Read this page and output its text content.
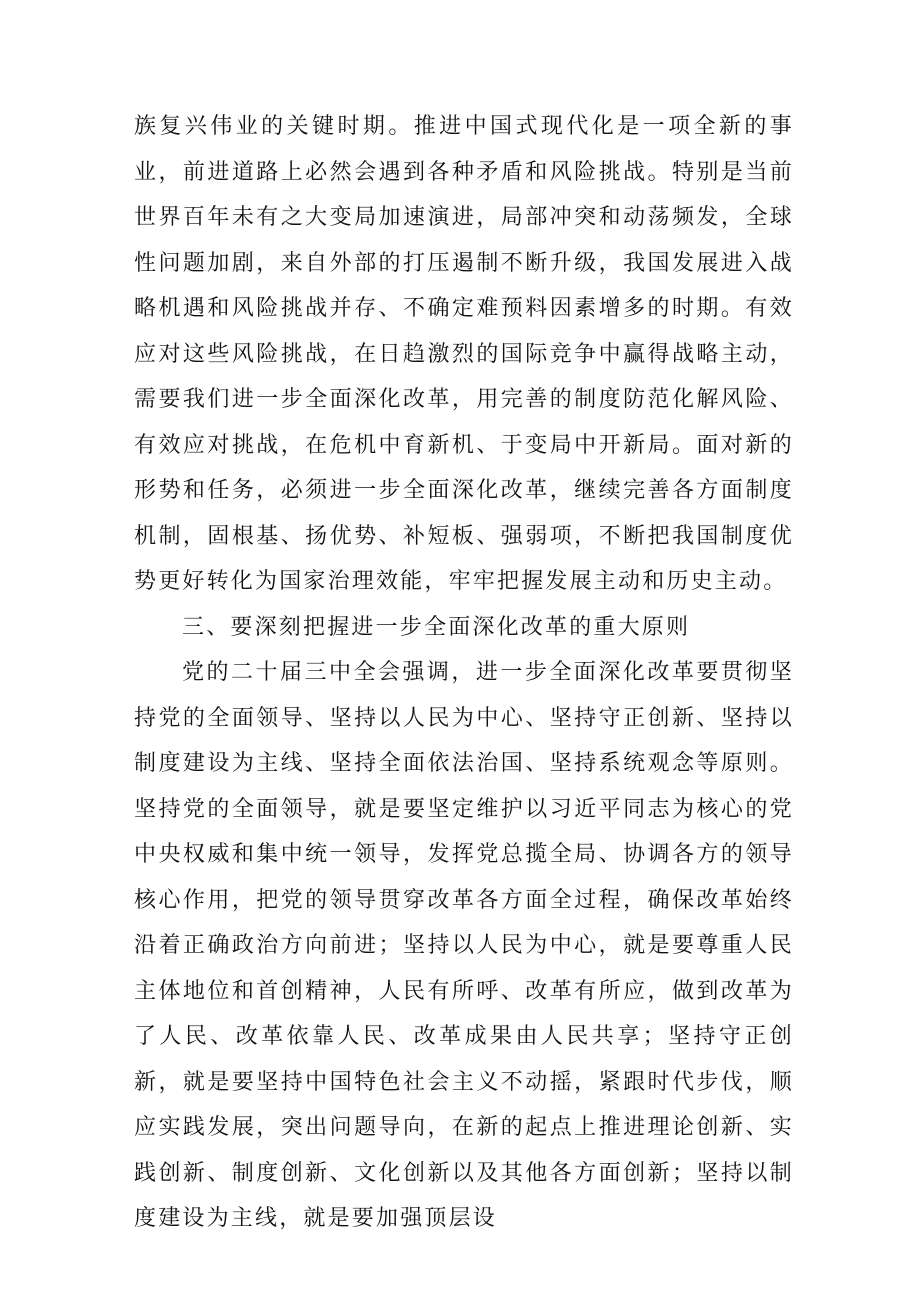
族复兴伟业的关键时期。推进中国式现代化是一项全新的事业，前进道路上必然会遇到各种矛盾和风险挑战。特别是当前世界百年未有之大变局加速演进，局部冲突和动荡频发，全球性问题加剧，来自外部的打压遏制不断升级，我国发展进入战略机遇和风险挑战并存、不确定难预料因素增多的时期。有效应对这些风险挑战，在日趋激烈的国际竞争中赢得战略主动，需要我们进一步全面深化改革，用完善的制度防范化解风险、有效应对挑战，在危机中育新机、于变局中开新局。面对新的形势和任务，必须进一步全面深化改革，继续完善各方面制度机制，固根基、扬优势、补短板、强弱项，不断把我国制度优势更好转化为国家治理效能，牢牢把握发展主动和历史主动。

三、要深刻把握进一步全面深化改革的重大原则

党的二十届三中全会强调，进一步全面深化改革要贯彻坚持党的全面领导、坚持以人民为中心、坚持守正创新、坚持以制度建设为主线、坚持全面依法治国、坚持系统观念等原则。坚持党的全面领导，就是要坚定维护以习近平同志为核心的党中央权威和集中统一领导，发挥党总揽全局、协调各方的领导核心作用，把党的领导贯穿改革各方面全过程，确保改革始终沿着正确政治方向前进；坚持以人民为中心，就是要尊重人民主体地位和首创精神，人民有所呼、改革有所应，做到改革为了人民、改革依靠人民、改革成果由人民共享；坚持守正创新，就是要坚持中国特色社会主义不动摇，紧跟时代步伐，顺应实践发展，突出问题导向，在新的起点上推进理论创新、实践创新、制度创新、文化创新以及其他各方面创新；坚持以制度建设为主线，就是要加强顶层设
